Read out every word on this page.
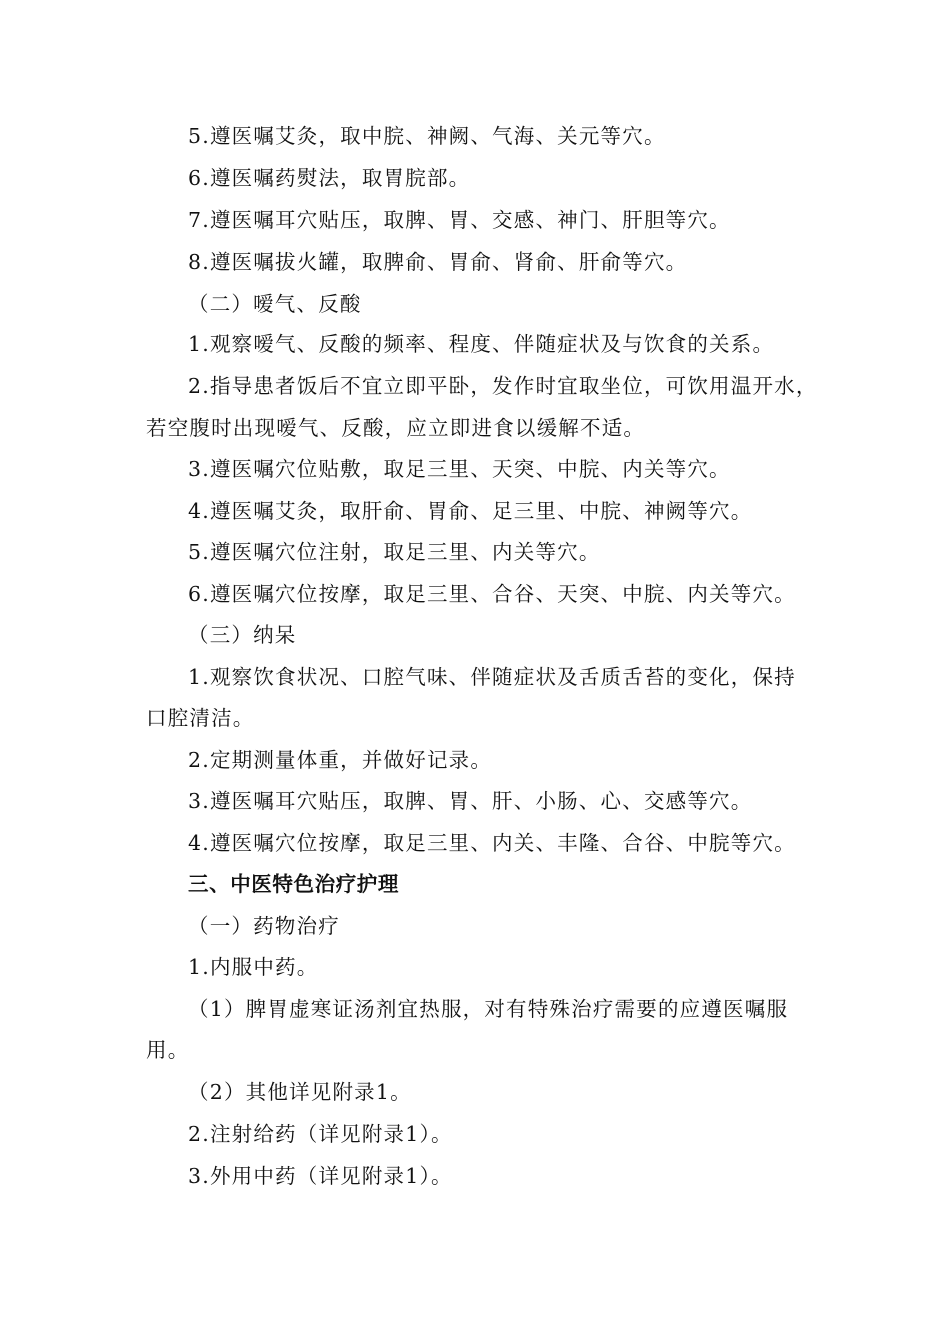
5.遵医嘱艾灸，取中脘、神阙、气海、关元等穴。
6.遵医嘱药熨法，取胃脘部。
7.遵医嘱耳穴贴压，取脾、胃、交感、神门、肝胆等穴。
8.遵医嘱拔火罐，取脾俞、胃俞、肾俞、肝俞等穴。
（二）嗳气、反酸
1.观察嗳气、反酸的频率、程度、伴随症状及与饮食的关系。
2.指导患者饭后不宜立即平卧，发作时宜取坐位，可饮用温开水，
若空腹时出现嗳气、反酸，应立即进食以缓解不适。
3.遵医嘱穴位贴敷，取足三里、天突、中脘、内关等穴。
4.遵医嘱艾灸，取肝俞、胃俞、足三里、中脘、神阙等穴。
5.遵医嘱穴位注射，取足三里、内关等穴。
6.遵医嘱穴位按摩，取足三里、合谷、天突、中脘、内关等穴。
（三）纳呆
1.观察饮食状况、口腔气味、伴随症状及舌质舌苔的变化，保持
口腔清洁。
2.定期测量体重，并做好记录。
3.遵医嘱耳穴贴压，取脾、胃、肝、小肠、心、交感等穴。
4.遵医嘱穴位按摩，取足三里、内关、丰隆、合谷、中脘等穴。
三、中医特色治疗护理
（一）药物治疗
1.内服中药。
（1）脾胃虚寒证汤剂宜热服，对有特殊治疗需要的应遵医嘱服
用。
（2）其他详见附录1。
2.注射给药（详见附录1）。
3.外用中药（详见附录1）。
